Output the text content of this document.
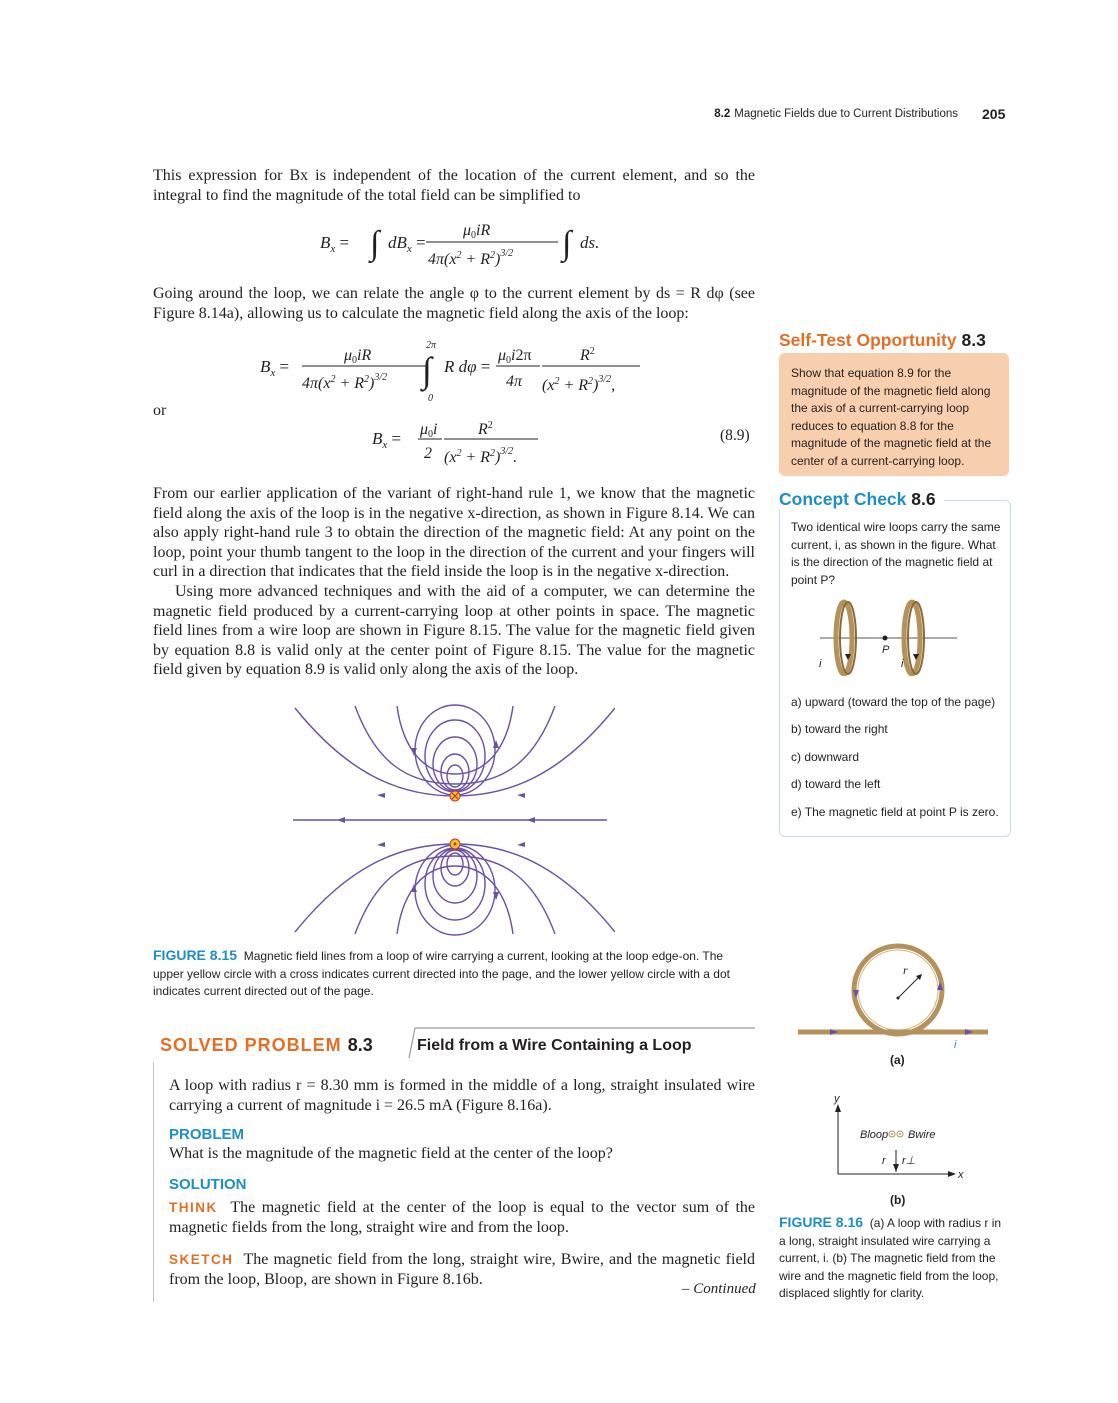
8.2 Magnetic Fields due to Current Distributions 205
This expression for Bx is independent of the location of the current element, and so the integral to find the magnitude of the total field can be simplified to
$B_x$ = ∫ $dB_x$ =
μ0iR
$4\pi(x^2 + R^2)^{3/2}$ ∫ ds.
Going around the loop, we can relate the angle φ to the current element by ds = R dφ (see Figure 8.14a), allowing us to calculate the magnetic field along the axis of the loop:
$B_x$ =
μ0iR
$4\pi(x^2 + R^2)^{3/2}$
2π
∫
0
R dφ =
μ0i2π
4π
$R^2$
$(x^2 + R^2)^{3/2}$,
or
$B_x = \mu 0i$
2
$R^2$
$(x^2 + R^2)^{3/2}$.
(8.9)
From our earlier application of the variant of right-hand rule 1, we know that the magnetic field along the axis of the loop is in the negative x-direction, as shown in Figure 8.14. We can also apply right-hand rule 3 to obtain the direction of the magnetic field: At any point on the loop, point your thumb tangent to the loop in the direction of the current and your fingers will curl in a direction that indicates that the field inside the loop is in the negative x-direction.
Using more advanced techniques and with the aid of a computer, we can determine the magnetic field produced by a current-carrying loop at other points in space. The magnetic field lines from a wire loop are shown in Figure 8.15. The value for the magnetic field given by equation 8.8 is valid only at the center point of Figure 8.15. The value for the magnetic field given by equation 8.9 is valid only along the axis of the loop.
FIGURE 8.15 Magnetic field lines from a loop of wire carrying a current, looking at the loop edge-on. The upper yellow circle with a cross indicates current directed into the page, and the lower yellow circle with a dot indicates current directed out of the page.
Self-Test Opportunity 8.3

Show that equation 8.9 for the magnitude of the magnetic field along the axis of a current-carrying loop reduces to equation 8.8 for the magnitude of the magnetic field at the center of a current-carrying loop.

Concept Check 8.6
Two identical wire loops carry the same current, i, as shown in the figure. What is the direction of the magnetic field at point P?
P
i	i
a) upward (toward the top of the page)
b) toward the right
c) downward
d) toward the left
e) The magnetic field at point P is zero.
r
i
(a)
y
x
Bloop Bwire
r r⊥
(b)
FIGURE 8.16 (a) A loop with radius r in a long, straight insulated wire carrying a current, i. (b) The magnetic field from the wire and the magnetic field from the loop, displaced slightly for clarity.
SOLVED PROBLEM 8.3	Field from a Wire Containing a Loop
A loop with radius r = 8.30 mm is formed in the middle of a long, straight insulated wire carrying a current of magnitude i = 26.5 mA (Figure 8.16a).
PROBLEM
What is the magnitude of the magnetic field at the center of the loop?
SOLUTION
THINK The magnetic field at the center of the loop is equal to the vector sum of the magnetic fields from the long, straight wire and from the loop.
SKETCH The magnetic field from the long, straight wire, Bwire, and the magnetic field from the loop, Bloop, are shown in Figure 8.16b.
– Continued
